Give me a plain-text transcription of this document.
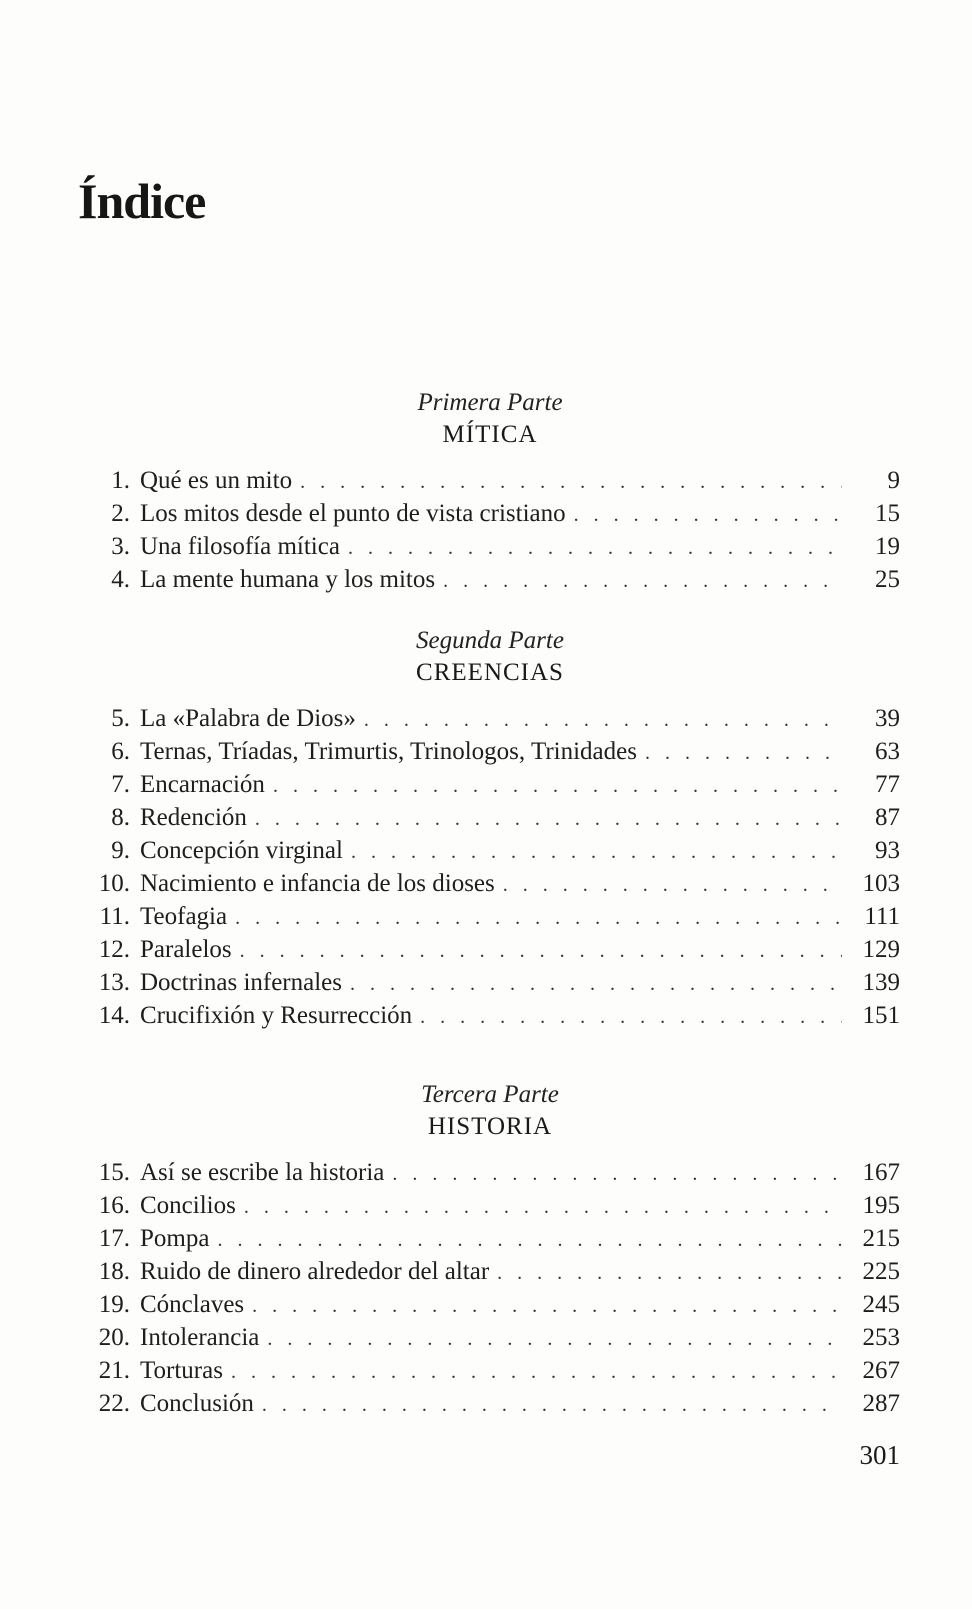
Índice
Primera Parte
MÍTICA
1. Qué es un mito . . .	9
2. Los mitos desde el punto de vista cristiano . . .	15
3. Una filosofía mítica . . .	19
4. La mente humana y los mitos . . .	25
Segunda Parte
CREENCIAS
5. La «Palabra de Dios» . . .	39
6. Ternas, Tríadas, Trimurtis, Trinologos, Trinidades . . .	63
7. Encarnación . . .	77
8. Redención . . .	87
9. Concepción virginal . . .	93
10. Nacimiento e infancia de los dioses . . .	103
11. Teofagia . . .	111
12. Paralelos . . .	129
13. Doctrinas infernales . . .	139
14. Crucifixión y Resurrección . . .	151
Tercera Parte
HISTORIA
15. Así se escribe la historia . . .	167
16. Concilios . . .	195
17. Pompa . . .	215
18. Ruido de dinero alrededor del altar . . .	225
19. Cónclaves . . .	245
20. Intolerancia . . .	253
21. Torturas . . .	267
22. Conclusión . . .	287
301
